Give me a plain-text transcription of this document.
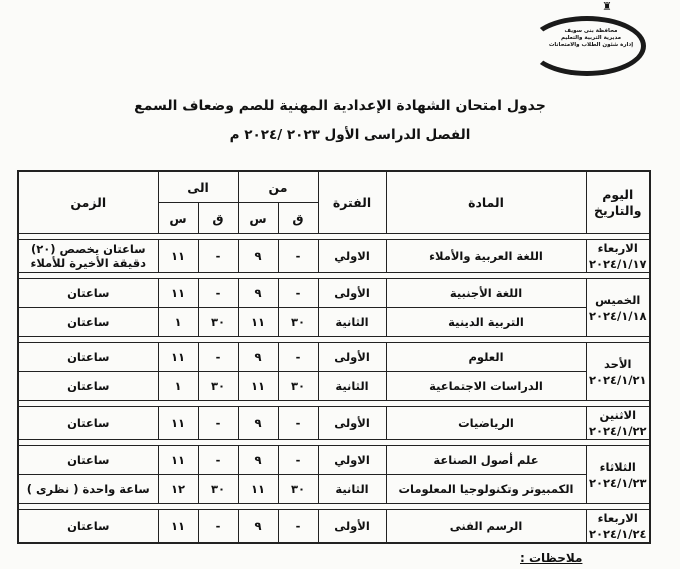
محافظة بنى سويف
مديرية التربية والتعليم
إدارة شئون الطلاب والامتحانات
♜
جدول امتحان الشهادة الإعدادية المهنية للصم وضعاف السمع
الفصل الدراسى الأول ٢٠٢٣ /٢٠٢٤ م
اليوم والتاريخ	المادة	الفترة	من		الى		الزمن
			ق	س	ق	س	

الاربعاء
٢٠٢٤/١/١٧	اللغة العربية والأملاء	الاولي	-	٩	-	١١	ساعتان يخصص (٢٠) دقيقة الأخيرة للأملاء

الخميس
٢٠٢٤/١/١٨	اللغة الأجنبية	الأولى	-	٩	-	١١	ساعتان
	التربية الدينية	الثانية	٣٠	١١	٣٠	١	ساعتان

الأحد
٢٠٢٤/١/٢١	العلوم	الأولى	-	٩	-	١١	ساعتان
	الدراسات الاجتماعية	الثانية	٣٠	١١	٣٠	١	ساعتان

الاثنين
٢٠٢٤/١/٢٢	الرياضيات	الأولى	-	٩	-	١١	ساعتان

الثلاثاء
٢٠٢٤/١/٢٣	علم أصول الصناعة	الاولي	-	٩	-	١١	ساعتان
	الكمبيوتر وتكنولوجيا المعلومات	الثانية	٣٠	١١	٣٠	١٢	ساعة واحدة ( نظرى )

الاربعاء
٢٠٢٤/١/٢٤	الرسم الفنى	الأولى	-	٩	-	١١	ساعتان
ملاحظات :
